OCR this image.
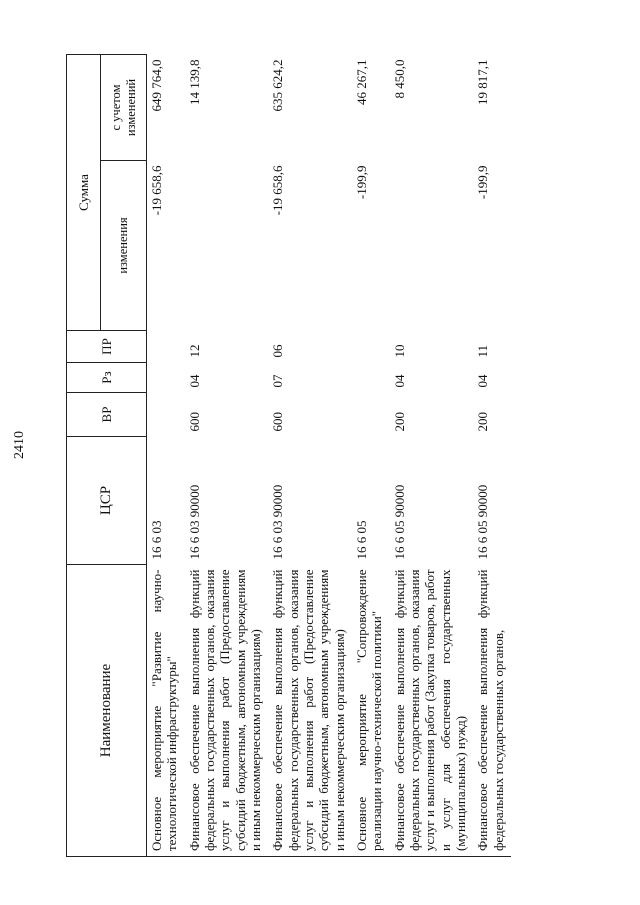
2410
Наименование	ЦСР	ВР	Рз	ПР	Сумма	
					изменения	с учетом изменений
Основное мероприятие "Развитие научно-технологической инфраструктуры"	16 6 03				-19 658,6	649 764,0
Финансовое обеспечение выполнения функций федеральных государственных органов, оказания услуг и выполнения работ (Предоставление субсидий бюджетным, автономным учреждениям и иным некоммерческим организациям)	16 6 03 90000	600	04	12		14 139,8
Финансовое обеспечение выполнения функций федеральных государственных органов, оказания услуг и выполнения работ (Предоставление субсидий бюджетным, автономным учреждениям и иным некоммерческим организациям)	16 6 03 90000	600	07	06	-19 658,6	635 624,2
Основное мероприятие "Сопровождение реализации научно-технической политики"	16 6 05				-199,9	46 267,1
Финансовое обеспечение выполнения функций федеральных государственных органов, оказания услуг и выполнения работ (Закупка товаров, работ и услуг для обеспечения государственных (муниципальных) нужд)	16 6 05 90000	200	04	10		8 450,0
Финансовое обеспечение выполнения функций федеральных государственных органов,	16 6 05 90000	200	04	11	-199,9	19 817,1
